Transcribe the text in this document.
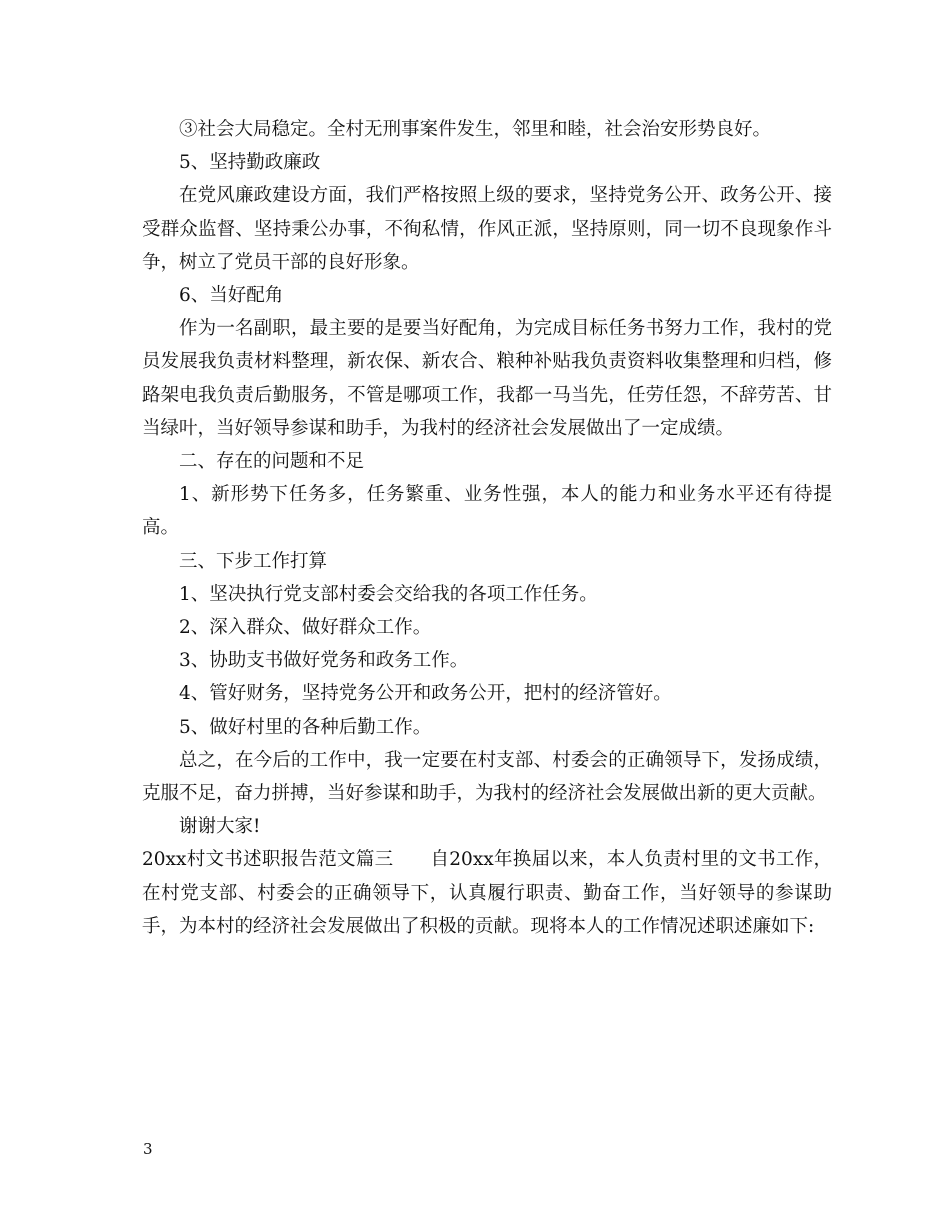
③社会大局稳定。全村无刑事案件发生，邻里和睦，社会治安形势良好。

5、坚持勤政廉政

在党风廉政建设方面，我们严格按照上级的要求，坚持党务公开、政务公开、接受群众监督、坚持秉公办事，不徇私情，作风正派，坚持原则，同一切不良现象作斗争，树立了党员干部的良好形象。

6、当好配角

作为一名副职，最主要的是要当好配角，为完成目标任务书努力工作，我村的党员发展我负责材料整理，新农保、新农合、粮种补贴我负责资料收集整理和归档，修路架电我负责后勤服务，不管是哪项工作，我都一马当先，任劳任怨，不辞劳苦、甘当绿叶，当好领导参谋和助手，为我村的经济社会发展做出了一定成绩。

二、存在的问题和不足

1、新形势下任务多，任务繁重、业务性强，本人的能力和业务水平还有待提高。

三、下步工作打算

1、坚决执行党支部村委会交给我的各项工作任务。

2、深入群众、做好群众工作。

3、协助支书做好党务和政务工作。

4、管好财务，坚持党务公开和政务公开，把村的经济管好。

5、做好村里的各种后勤工作。

总之，在今后的工作中，我一定要在村支部、村委会的正确领导下，发扬成绩，克服不足，奋力拼搏，当好参谋和助手，为我村的经济社会发展做出新的更大贡献。

谢谢大家!

20xx村文书述职报告范文篇三      自20xx年换届以来，本人负责村里的文书工作，在村党支部、村委会的正确领导下，认真履行职责、勤奋工作，当好领导的参谋助手，为本村的经济社会发展做出了积极的贡献。现将本人的工作情况述职述廉如下:

3
